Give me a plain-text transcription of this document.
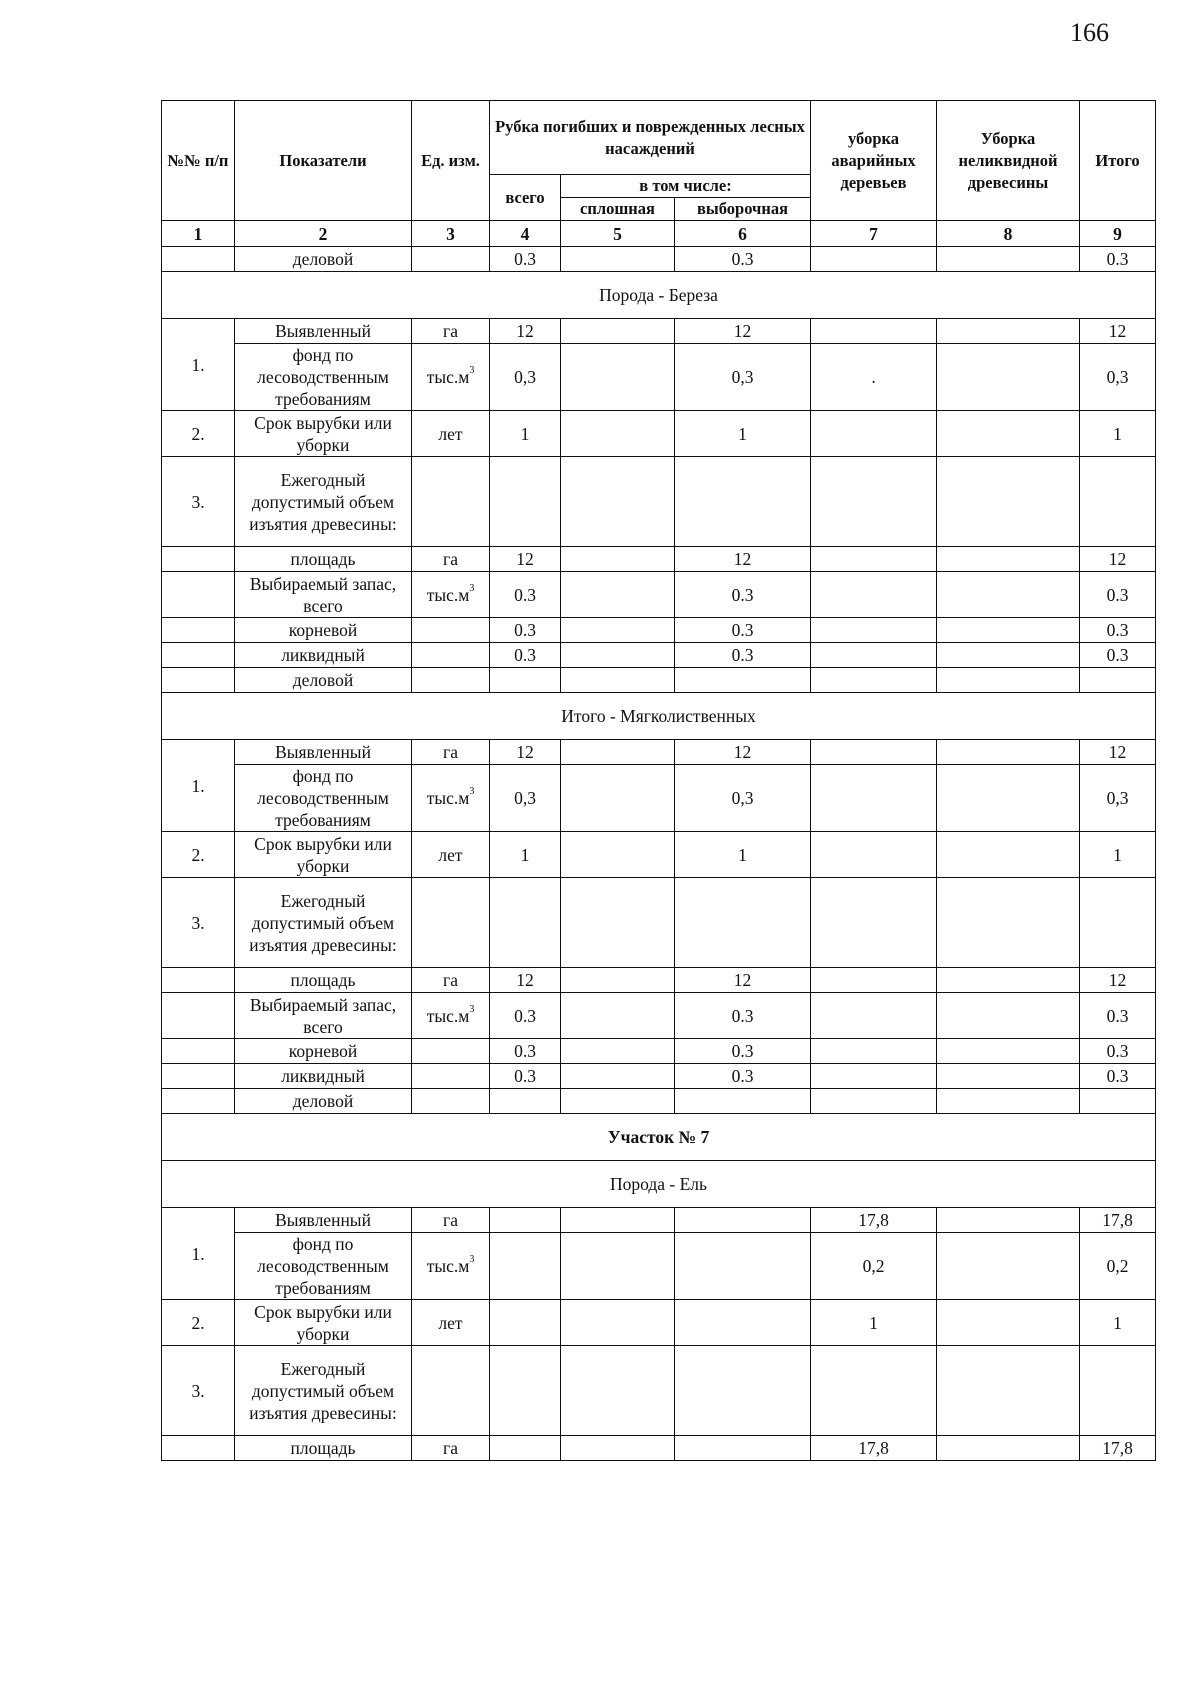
166
№№ п/п	Показатели	Ед. изм.	Рубка погибших и поврежденных лесных насаждений			уборка аварийных деревьев	Уборка неликвидной древесины	Итого
			всего	в том числе:				
				сплошная	выборочная			
1	2	3	4	5	6	7	8	9
	деловой		0.3		0.3			0.3
Порода - Береза								
1.	Выявленный	га	12		12			12
	фонд по лесоводственным требованиям	$тыс.м^3$	0,3		0,3	.		0,3
2.	Срок вырубки или уборки	лет	1		1			1
3.	Ежегодный допустимый объем изъятия древесины:							
	площадь	га	12		12			12
	Выбираемый запас, всего	$тыс.м^3$	0.3		0.3			0.3
	корневой		0.3		0.3			0.3
	ликвидный		0.3		0.3			0.3
	деловой							
Итого - Мягколиственных								
1.	Выявленный	га	12		12			12
	фонд по лесоводственным требованиям	$тыс.м^3$	0,3		0,3			0,3
2.	Срок вырубки или уборки	лет	1		1			1
3.	Ежегодный допустимый объем изъятия древесины:							
	площадь	га	12		12			12
	Выбираемый запас, всего	$тыс.м^3$	0.3		0.3			0.3
	корневой		0.3		0.3			0.3
	ликвидный		0.3		0.3			0.3
	деловой							
Участок № 7								
Порода - Ель								
1.	Выявленный	га				17,8		17,8
	фонд по лесоводственным требованиям	$тыс.м^3$				0,2		0,2
2.	Срок вырубки или уборки	лет				1		1
3.	Ежегодный допустимый объем изъятия древесины:							
	площадь	га				17,8		17,8
